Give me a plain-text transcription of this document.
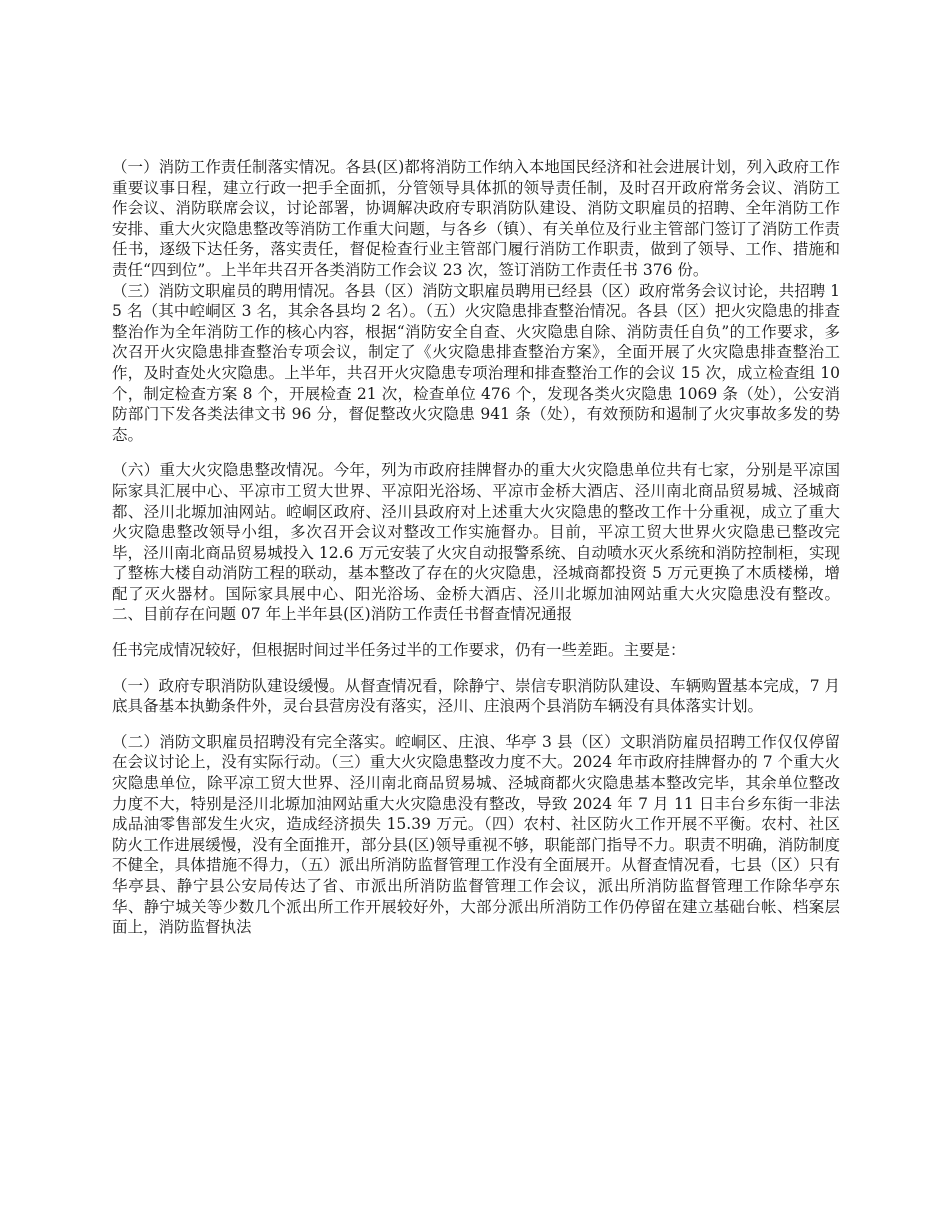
（一）消防工作责任制落实情况。各县(区)都将消防工作纳入本地国民经济和社会进展计划，列入政府工作重要议事日程，建立行政一把手全面抓，分管领导具体抓的领导责任制，及时召开政府常务会议、消防工作会议、消防联席会议，讨论部署，协调解决政府专职消防队建设、消防文职雇员的招聘、全年消防工作安排、重大火灾隐患整改等消防工作重大问题，与各乡（镇）、有关单位及行业主管部门签订了消防工作责任书，逐级下达任务，落实责任，督促检查行业主管部门履行消防工作职责，做到了领导、工作、措施和责任“四到位”。上半年共召开各类消防工作会议 23 次，签订消防工作责任书 376 份。

（三）消防文职雇员的聘用情况。各县（区）消防文职雇员聘用已经县（区）政府常务会议讨论，共招聘 15 名（其中崆峒区 3 名，其余各县均 2 名）。（五）火灾隐患排查整治情况。各县（区）把火灾隐患的排查整治作为全年消防工作的核心内容，根据“消防安全自查、火灾隐患自除、消防责任自负”的工作要求，多次召开火灾隐患排查整治专项会议，制定了《火灾隐患排查整治方案》，全面开展了火灾隐患排查整治工作，及时查处火灾隐患。上半年，共召开火灾隐患专项治理和排查整治工作的会议 15 次，成立检查组 10 个，制定检查方案 8 个，开展检查 21 次，检查单位 476 个，发现各类火灾隐患 1069 条（处），公安消防部门下发各类法律文书 96 分，督促整改火灾隐患 941 条（处），有效预防和遏制了火灾事故多发的势态。

（六）重大火灾隐患整改情况。今年，列为市政府挂牌督办的重大火灾隐患单位共有七家，分别是平凉国际家具汇展中心、平凉市工贸大世界、平凉阳光浴场、平凉市金桥大酒店、泾川南北商品贸易城、泾城商都、泾川北塬加油网站。崆峒区政府、泾川县政府对上述重大火灾隐患的整改工作十分重视，成立了重大火灾隐患整改领导小组，多次召开会议对整改工作实施督办。目前，平凉工贸大世界火灾隐患已整改完毕，泾川南北商品贸易城投入 12.6 万元安装了火灾自动报警系统、自动喷水灭火系统和消防控制柜，实现了整栋大楼自动消防工程的联动，基本整改了存在的火灾隐患，泾城商都投资 5 万元更换了木质楼梯，增配了灭火器材。国际家具展中心、阳光浴场、金桥大酒店、泾川北塬加油网站重大火灾隐患没有整改。二、目前存在问题 07 年上半年县(区)消防工作责任书督查情况通报

任书完成情况较好，但根据时间过半任务过半的工作要求，仍有一些差距。主要是：

（一）政府专职消防队建设缓慢。从督查情况看，除静宁、崇信专职消防队建设、车辆购置基本完成，7 月底具备基本执勤条件外，灵台县营房没有落实，泾川、庄浪两个县消防车辆没有具体落实计划。

（二）消防文职雇员招聘没有完全落实。崆峒区、庄浪、华亭 3 县（区）文职消防雇员招聘工作仅仅停留在会议讨论上，没有实际行动。（三）重大火灾隐患整改力度不大。2024 年市政府挂牌督办的 7 个重大火灾隐患单位，除平凉工贸大世界、泾川南北商品贸易城、泾城商都火灾隐患基本整改完毕，其余单位整改力度不大，特别是泾川北塬加油网站重大火灾隐患没有整改，导致 2024 年 7 月 11 日丰台乡东街一非法成品油零售部发生火灾，造成经济损失 15.39 万元。（四）农村、社区防火工作开展不平衡。农村、社区防火工作进展缓慢，没有全面推开，部分县(区)领导重视不够，职能部门指导不力。职责不明确，消防制度不健全，具体措施不得力，（五）派出所消防监督管理工作没有全面展开。从督查情况看，七县（区）只有华亭县、静宁县公安局传达了省、市派出所消防监督管理工作会议，派出所消防监督管理工作除华亭东华、静宁城关等少数几个派出所工作开展较好外，大部分派出所消防工作仍停留在建立基础台帐、档案层面上，消防监督执法
